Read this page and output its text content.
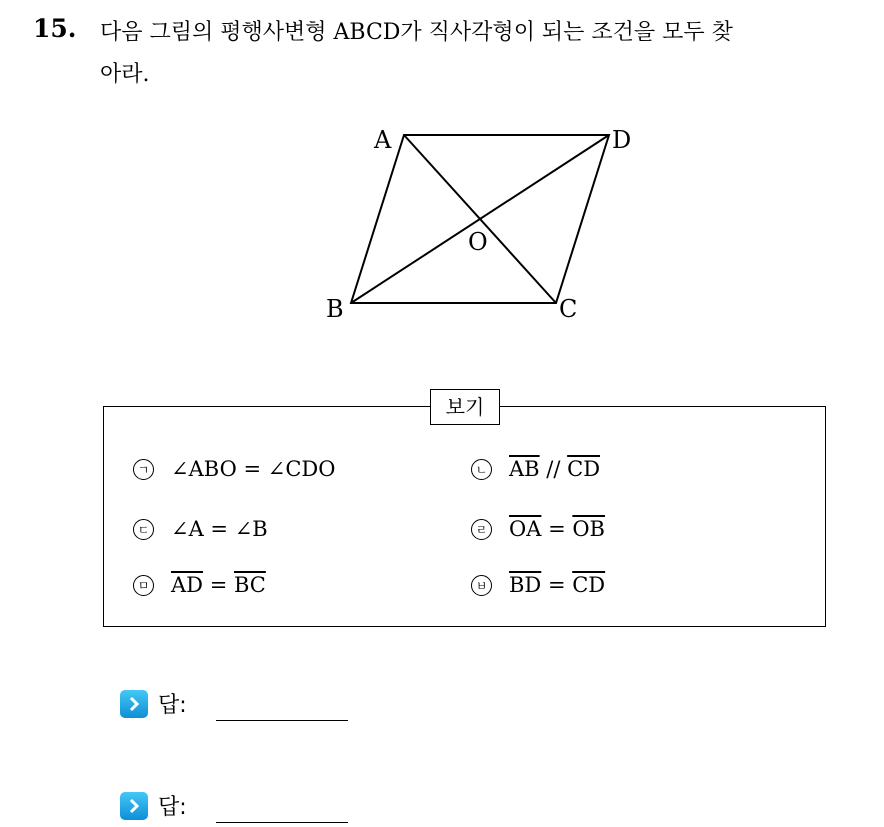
15. 다음 그림의 평행사변형 ABCD가 직사각형이 되는 조건을 모두 찾
아라.
A	D
O
B	C
보기
ㄱ ∠ABO = ∠CDO	ㄴ $\overline{AB} // \overline{CD}$
ㄷ ∠A = ∠B	ㄹ $\overline{OA} = \overline{OB}$
ㅁ $\overline{AD} = \overline{BC}$	ㅂ $\overline{BD} = \overline{CD}$
답:
답:
